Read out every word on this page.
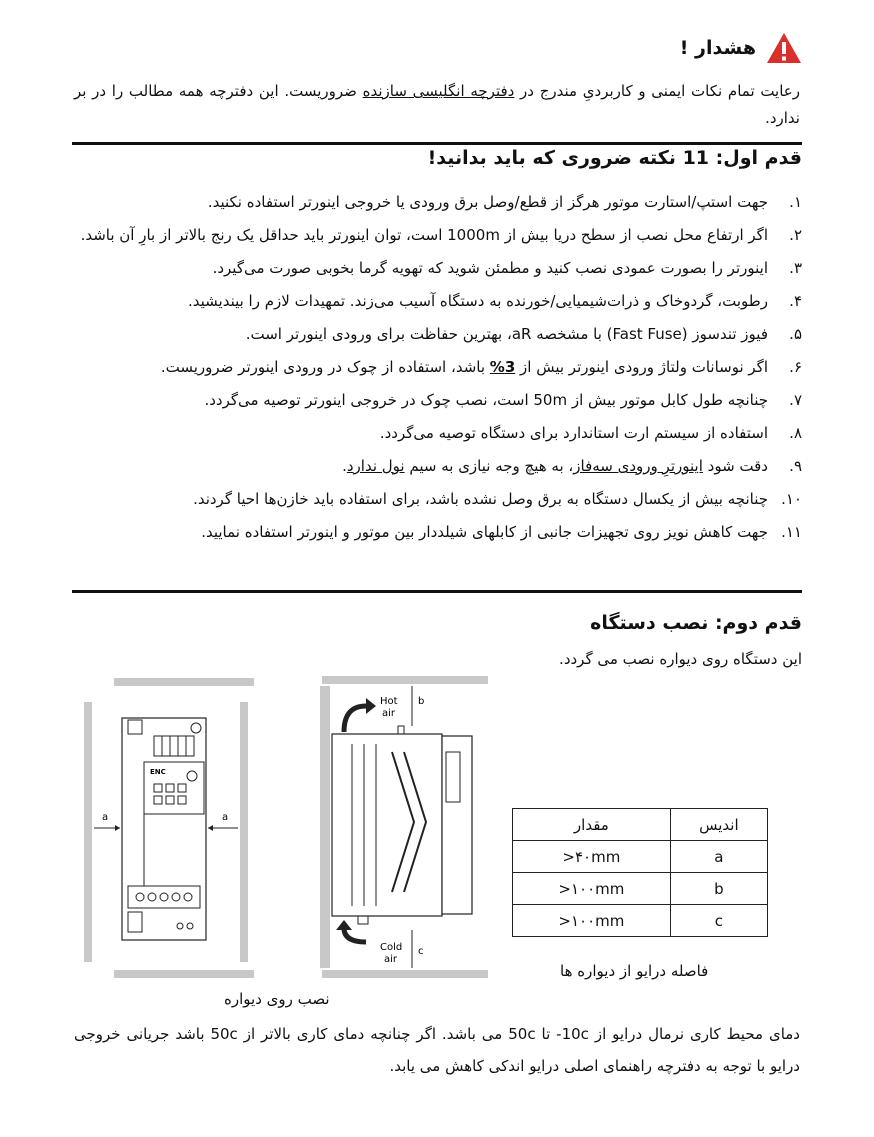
هشدار !
رعایت تمام نکات ایمنی و کاربردیِ مندرج در دفترچه انگلیسی سازنده ضروریست. این دفترچه همه مطالب را در بر ندارد.
قدم اول: 11 نکته ضروری که باید بدانید!
۱.
جهت استپ/استارت موتور هرگز از قطع/وصل برق ورودی یا خروجی اینورتر استفاده نکنید.
۲.
اگر ارتفاع محل نصب از سطح دریا بیش از 1000m است، توان اینورتر باید حداقل یک رنج بالاتر از بارِ آن باشد.
۳.
اینورتر را بصورت عمودی نصب کنید و مطمئن شوید که تهویه گرما بخوبی صورت می‌گیرد.
۴.
رطوبت، گردوخاک و ذرات‌شیمیایی/خورنده به دستگاه آسیب می‌زند. تمهیدات لازم را بیندیشید.
۵.
فیوز تندسوز (Fast Fuse) با مشخصه aR، بهترین حفاظت برای ورودی اینورتر است.
۶.
اگر نوسانات ولتاژ ورودی اینورتر بیش از 3% باشد، استفاده از چوک در ورودی اینورتر ضروریست.
۷.
چنانچه طول کابل موتور بیش از 50m است، نصب چوک در خروجی اینورتر توصیه می‌گردد.
۸.
استفاده از سیستم ارت استاندارد برای دستگاه توصیه می‌گردد.
۹.
دقت شود اینورترِ ورودی سه‌فاز، به هیچ وجه نیازی به سیم نول ندارد.
۱۰.
چنانچه بیش از یکسال دستگاه به برق وصل نشده باشد، برای استفاده باید خازن‌ها احیا گردند.
۱۱.
جهت کاهش نویز روی تجهیزات جانبی از کابلهای شیلددار بین موتور و اینورتر استفاده نمایید.
قدم دوم: نصب دستگاه
این دستگاه روی دیواره نصب می گردد.
ENC
a	a
Hot
air
b
Cold
air
c
مقدار	اندیس
>۴۰mm	a
>۱۰۰mm	b
>۱۰۰mm	c
فاصله درایو از دیواره ها
نصب روی دیواره
دمای محیط کاری نرمال درایو از 10c- تا 50c می باشد. اگر چنانچه دمای کاری بالاتر از 50c باشد جریانی خروجی درایو با توجه به دفترچه راهنمای اصلی درایو اندکی کاهش می یابد.
